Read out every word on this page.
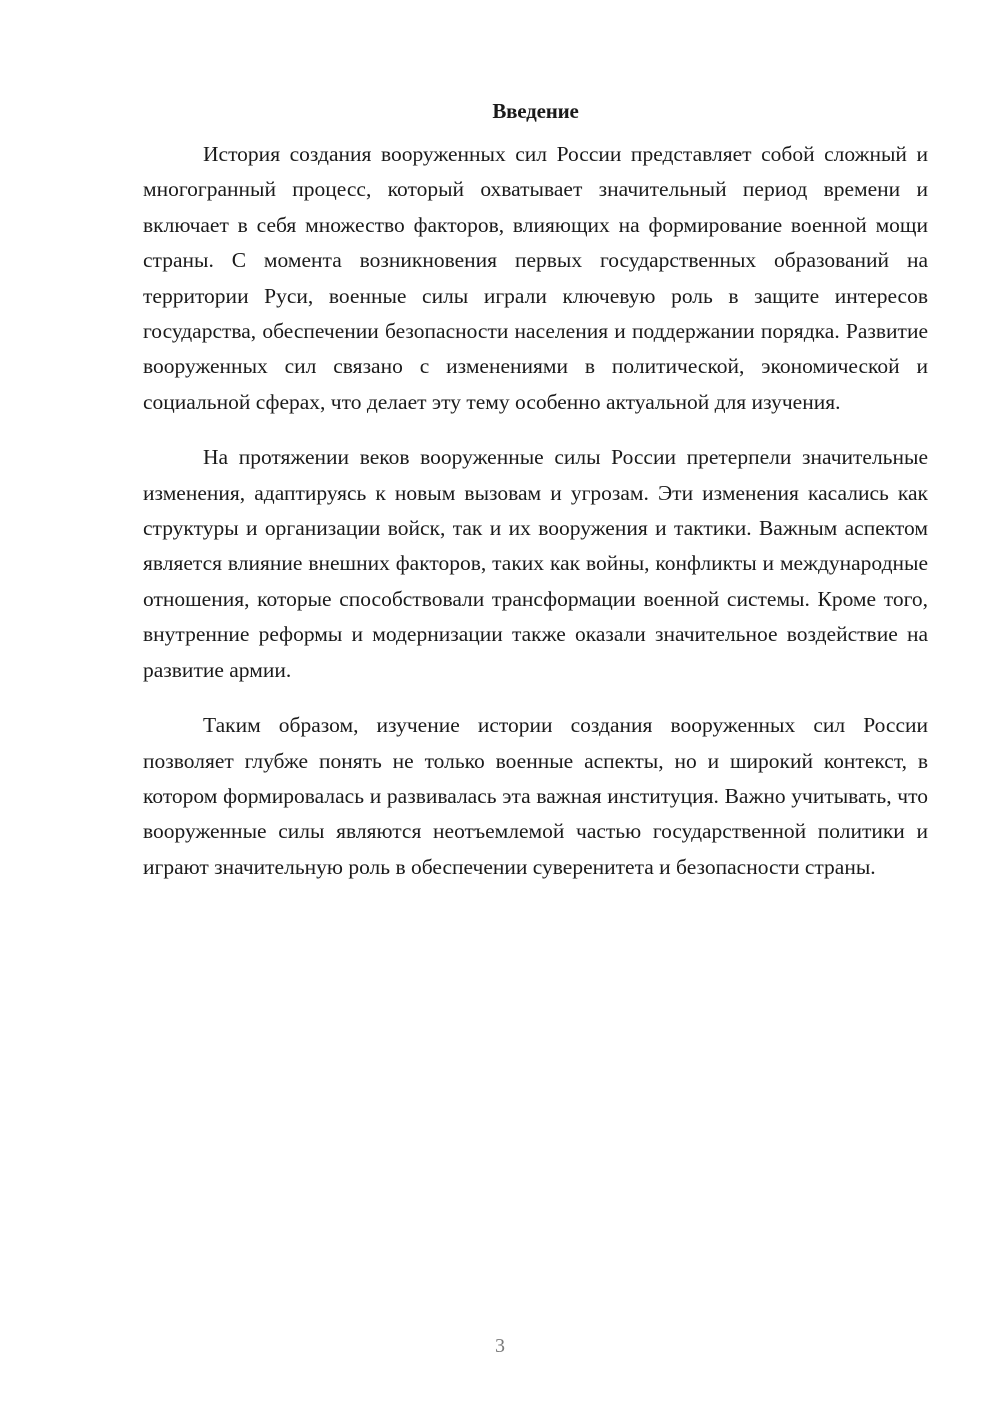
Введение

История создания вооруженных сил России представляет собой сложный и многогранный процесс, который охватывает значительный период времени и включает в себя множество факторов, влияющих на формирование военной мощи страны. С момента возникновения первых государственных образований на территории Руси, военные силы играли ключевую роль в защите интересов государства, обеспечении безопасности населения и поддержании порядка. Развитие вооруженных сил связано с изменениями в политической, экономической и социальной сферах, что делает эту тему особенно актуальной для изучения.

На протяжении веков вооруженные силы России претерпели значительные изменения, адаптируясь к новым вызовам и угрозам. Эти изменения касались как структуры и организации войск, так и их вооружения и тактики. Важным аспектом является влияние внешних факторов, таких как войны, конфликты и международные отношения, которые способствовали трансформации военной системы. Кроме того, внутренние реформы и модернизации также оказали значительное воздействие на развитие армии.

Таким образом, изучение истории создания вооруженных сил России позволяет глубже понять не только военные аспекты, но и широкий контекст, в котором формировалась и развивалась эта важная институция. Важно учитывать, что вооруженные силы являются неотъемлемой частью государственной политики и играют значительную роль в обеспечении суверенитета и безопасности страны.

3
